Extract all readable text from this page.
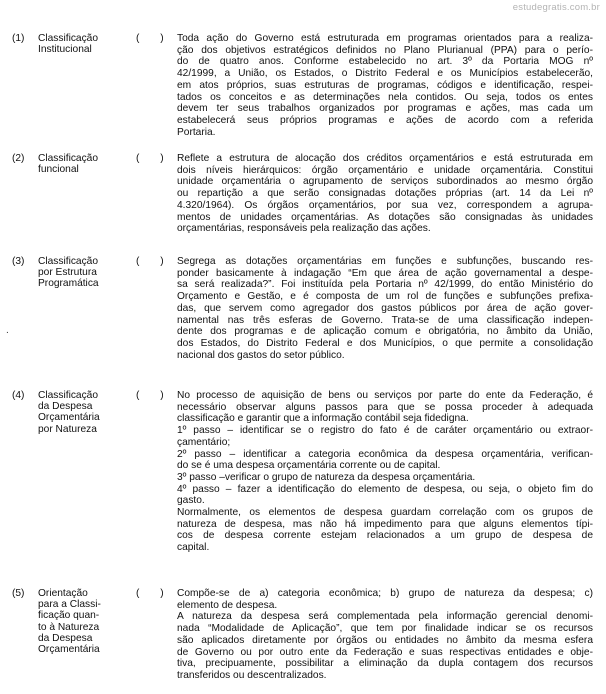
estudegratis.com.br
.
(1) Classificação
Institucional
( ) Toda ação do Governo está estruturada em programas orientados para a realiza-
ção dos objetivos estratégicos definidos no Plano Plurianual (PPA) para o perío-
do de quatro anos. Conforme estabelecido no art. 3º da Portaria MOG nº
42/1999, a União, os Estados, o Distrito Federal e os Municípios estabelecerão,
em atos próprios, suas estruturas de programas, códigos e identificação, respei-
tados os conceitos e as determinações nela contidos. Ou seja, todos os entes
devem ter seus trabalhos organizados por programas e ações, mas cada um
estabelecerá seus próprios programas e ações de acordo com a referida
Portaria.
(2) Classificação
funcional
( ) Reflete a estrutura de alocação dos créditos orçamentários e está estruturada em
dois níveis hierárquicos: órgão orçamentário e unidade orçamentária. Constitui
unidade orçamentária o agrupamento de serviços subordinados ao mesmo órgão
ou repartição a que serão consignadas dotações próprias (art. 14 da Lei nº
4.320/1964). Os órgãos orçamentários, por sua vez, correspondem a agrupa-
mentos de unidades orçamentárias. As dotações são consignadas às unidades
orçamentárias, responsáveis pela realização das ações.
(3) Classificação
por Estrutura
Programática
( ) Segrega as dotações orçamentárias em funções e subfunções, buscando res-
ponder basicamente à indagação “Em que área de ação governamental a despe-
sa será realizada?”. Foi instituída pela Portaria nº 42/1999, do então Ministério do
Orçamento e Gestão, e é composta de um rol de funções e subfunções prefixa-
das, que servem como agregador dos gastos públicos por área de ação gover-
namental nas três esferas de Governo. Trata-se de uma classificação indepen-
dente dos programas e de aplicação comum e obrigatória, no âmbito da União,
dos Estados, do Distrito Federal e dos Municípios, o que permite a consolidação
nacional dos gastos do setor público.
(4) Classificação
da Despesa
Orçamentária
por Natureza
( ) No processo de aquisição de bens ou serviços por parte do ente da Federação, é
necessário observar alguns passos para que se possa proceder à adequada
classificação e garantir que a informação contábil seja fidedigna.
1º passo – identificar se o registro do fato é de caráter orçamentário ou extraor-
çamentário;
2º passo – identificar a categoria econômica da despesa orçamentária, verifican-
do se é uma despesa orçamentária corrente ou de capital.
3º passo –verificar o grupo de natureza da despesa orçamentária.
4º passo – fazer a identificação do elemento de despesa, ou seja, o objeto fim do
gasto.
Normalmente, os elementos de despesa guardam correlação com os grupos de
natureza de despesa, mas não há impedimento para que alguns elementos típi-
cos de despesa corrente estejam relacionados a um grupo de despesa de
capital.
(5) Orientação
para a Classi-
ficação quan-
to à Natureza
da Despesa
Orçamentária
( ) Compõe-se de a) categoria econômica; b) grupo de natureza da despesa; c)
elemento de despesa.
A natureza da despesa será complementada pela informação gerencial denomi-
nada “Modalidade de Aplicação”, que tem por finalidade indicar se os recursos
são aplicados diretamente por órgãos ou entidades no âmbito da mesma esfera
de Governo ou por outro ente da Federação e suas respectivas entidades e obje-
tiva, precipuamente, possibilitar a eliminação da dupla contagem dos recursos
transferidos ou descentralizados.
